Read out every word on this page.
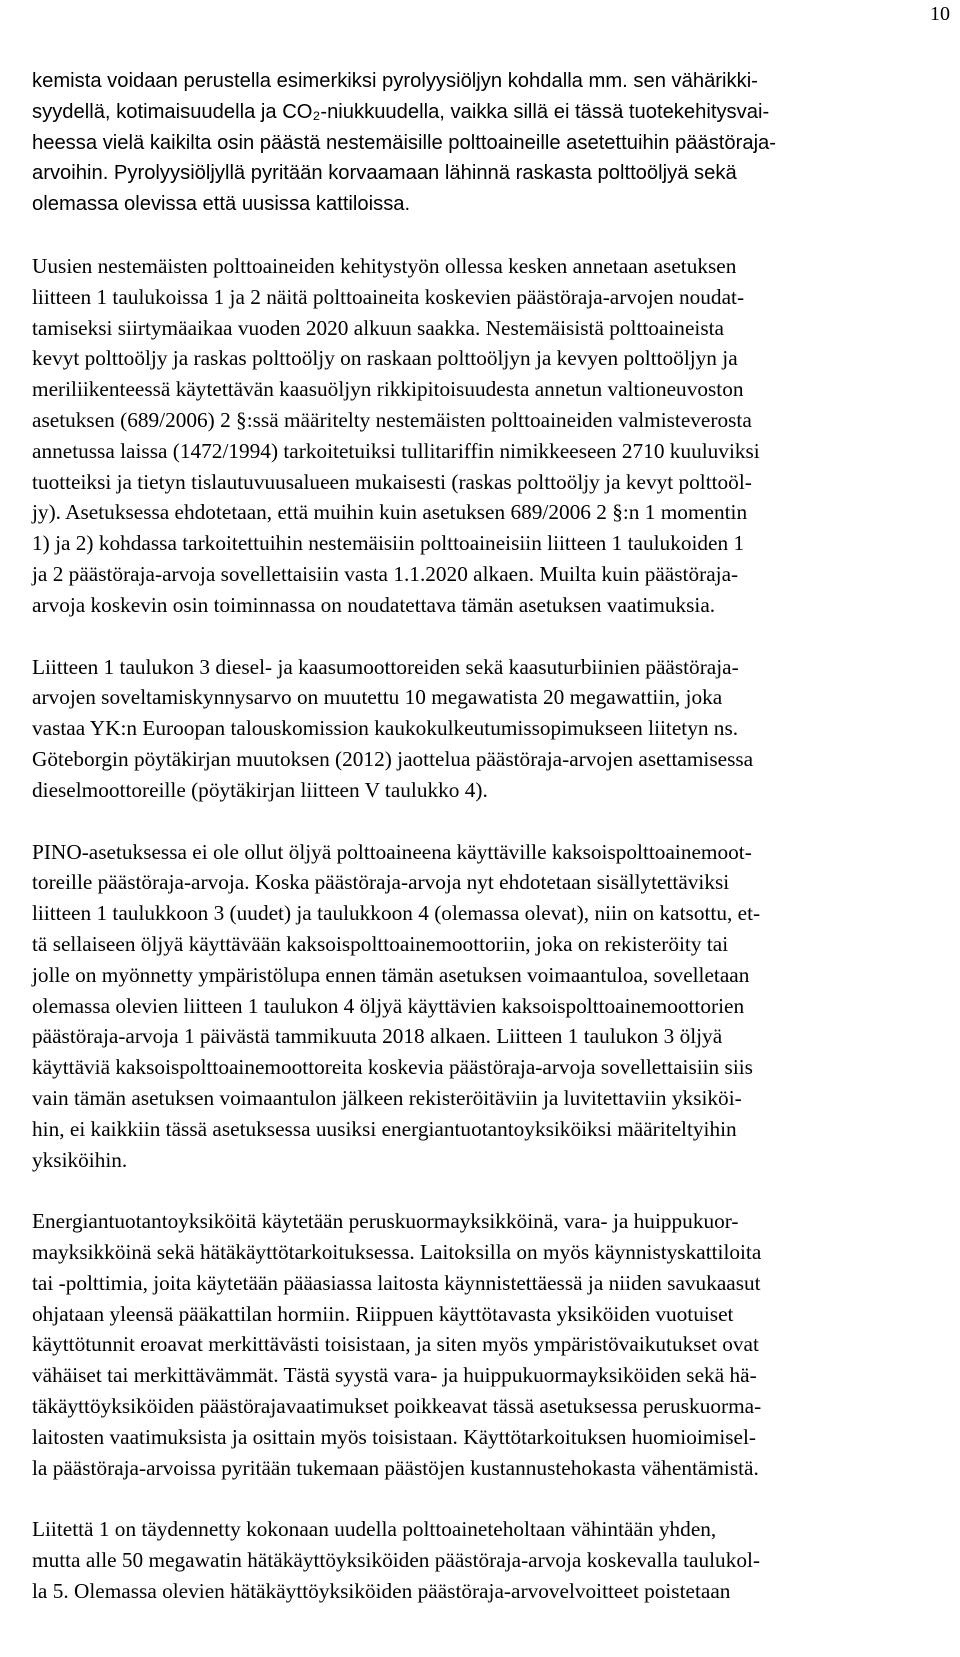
10
kemista voidaan perustella esimerkiksi pyrolyysiöljyn kohdalla mm. sen vähärikki-
syydellä, kotimaisuudella ja CO₂-niukkuudella, vaikka sillä ei tässä tuotekehitysvai-
heessa vielä kaikilta osin päästä nestemäisille polttoaineille asetettuihin päästöraja-
arvoihin. Pyrolyysiöljyllä pyritään korvaamaan lähinnä raskasta polttoöljyä sekä
olemassa olevissa että uusissa kattiloissa.
Uusien nestemäisten polttoaineiden kehitystyön ollessa kesken annetaan asetuksen
liitteen 1 taulukoissa 1 ja 2 näitä polttoaineita koskevien päästöraja-arvojen noudat-
tamiseksi siirtymäaikaa vuoden 2020 alkuun saakka. Nestemäisistä polttoaineista
kevyt polttoöljy ja raskas polttoöljy on raskaan polttoöljyn ja kevyen polttoöljyn ja
meriliikenteessä käytettävän kaasuöljyn rikkipitoisuudesta annetun valtioneuvoston
asetuksen (689/2006) 2 §:ssä määritelty nestemäisten polttoaineiden valmisteverosta
annetussa laissa (1472/1994) tarkoitetuiksi tullitariffin nimikkeeseen 2710 kuuluviksi
tuotteiksi ja tietyn tislautuvuusalueen mukaisesti (raskas polttoöljy ja kevyt polttoöl-
jy). Asetuksessa ehdotetaan, että muihin kuin asetuksen 689/2006 2 §:n 1 momentin
1) ja 2) kohdassa tarkoitettuihin nestemäisiin polttoaineisiin liitteen 1 taulukoiden 1
ja 2 päästöraja-arvoja sovellettaisiin vasta 1.1.2020 alkaen. Muilta kuin päästöraja-
arvoja koskevin osin toiminnassa on noudatettava tämän asetuksen vaatimuksia.
Liitteen 1 taulukon 3 diesel- ja kaasumoottoreiden sekä kaasuturbiinien päästöraja-
arvojen soveltamiskynnysarvo on muutettu 10 megawatista 20 megawattiin, joka
vastaa YK:n Euroopan talouskomission kaukokulkeutumissopimukseen liitetyn ns.
Göteborgin pöytäkirjan muutoksen (2012) jaottelua päästöraja-arvojen asettamisessa
dieselmoottoreille (pöytäkirjan liitteen V taulukko 4).
PINO-asetuksessa ei ole ollut öljyä polttoaineena käyttäville kaksoispolttoainemoot-
toreille päästöraja-arvoja. Koska päästöraja-arvoja nyt ehdotetaan sisällytettäviksi
liitteen 1 taulukkoon 3 (uudet) ja taulukkoon 4 (olemassa olevat), niin on katsottu, et-
tä sellaiseen öljyä käyttävään kaksoispolttoainemoottoriin, joka on rekisteröity tai
jolle on myönnetty ympäristölupa ennen tämän asetuksen voimaantuloa, sovelletaan
olemassa olevien liitteen 1 taulukon 4 öljyä käyttävien kaksoispolttoainemoottorien
päästöraja-arvoja 1 päivästä tammikuuta 2018 alkaen. Liitteen 1 taulukon 3 öljyä
käyttäviä kaksoispolttoainemoottoreita koskevia päästöraja-arvoja sovellettaisiin siis
vain tämän asetuksen voimaantulon jälkeen rekisteröitäviin ja luvitettaviin yksiköi-
hin, ei kaikkiin tässä asetuksessa uusiksi energiantuotantoyksiköiksi määriteltyihin
yksiköihin.
Energiantuotantoyksiköitä käytetään peruskuormayksikköinä, vara- ja huippukuor-
mayksikköinä sekä hätäkäyttötarkoituksessa. Laitoksilla on myös käynnistyskattiloita
tai -polttimia, joita käytetään pääasiassa laitosta käynnistettäessä ja niiden savukaasut
ohjataan yleensä pääkattilan hormiin. Riippuen käyttötavasta yksiköiden vuotuiset
käyttötunnit eroavat merkittävästi toisistaan, ja siten myös ympäristövaikutukset ovat
vähäiset tai merkittävämmät. Tästä syystä vara- ja huippukuormayksiköiden sekä hä-
täkäyttöyksiköiden päästörajavaatimukset poikkeavat tässä asetuksessa peruskuorma-
laitosten vaatimuksista ja osittain myös toisistaan. Käyttötarkoituksen huomioimisel-
la päästöraja-arvoissa pyritään tukemaan päästöjen kustannustehokasta vähentämistä.
Liitettä 1 on täydennetty kokonaan uudella polttoaineteholtaan vähintään yhden,
mutta alle 50 megawatin hätäkäyttöyksiköiden päästöraja-arvoja koskevalla taulukol-
la 5. Olemassa olevien hätäkäyttöyksiköiden päästöraja-arvovelvoitteet poistetaan
